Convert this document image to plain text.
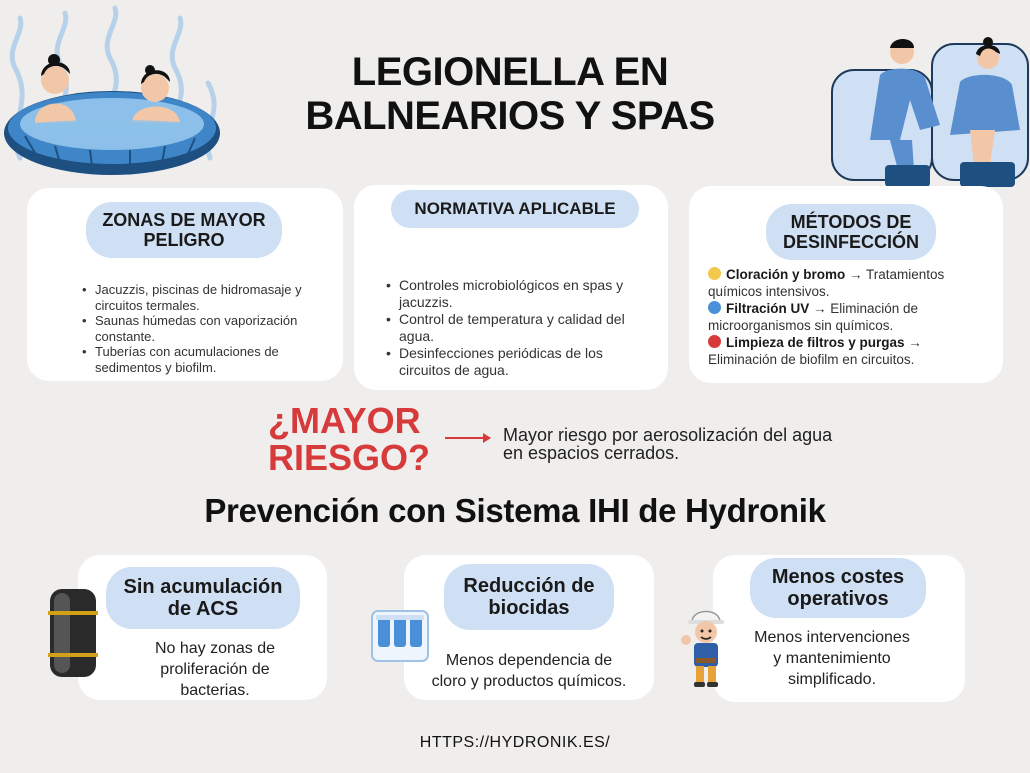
LEGIONELLA EN
BALNEARIOS Y SPAS
ZONAS DE MAYOR
PELIGRO
• Jacuzzis, piscinas de hidromasaje y circuitos termales.
• Saunas húmedas con vaporización constante.
• Tuberías con acumulaciones de sedimentos y biofilm.
NORMATIVA APLICABLE
• Controles microbiológicos en spas y jacuzzis.
• Control de temperatura y calidad del agua.
• Desinfecciones periódicas de los circuitos de agua.
MÉTODOS DE
DESINFECCIÓN

Cloración y bromo → Tratamientos químicos intensivos.

Filtración UV → Eliminación de microorganismos sin químicos.

Limpieza de filtros y purgas → Eliminación de biofilm en circuitos.

¿MAYOR
RIESGO?
Mayor riesgo por aerosolización del agua
en espacios cerrados.
Prevención con Sistema IHI de Hydronik
Sin acumulación
de ACS
No hay zonas de
proliferación de
bacterias.
Reducción de
biocidas
Menos dependencia de
cloro y productos químicos.
Menos costes
operativos
Menos intervenciones
y mantenimiento
simplificado.
HTTPS://HYDRONIK.ES/
